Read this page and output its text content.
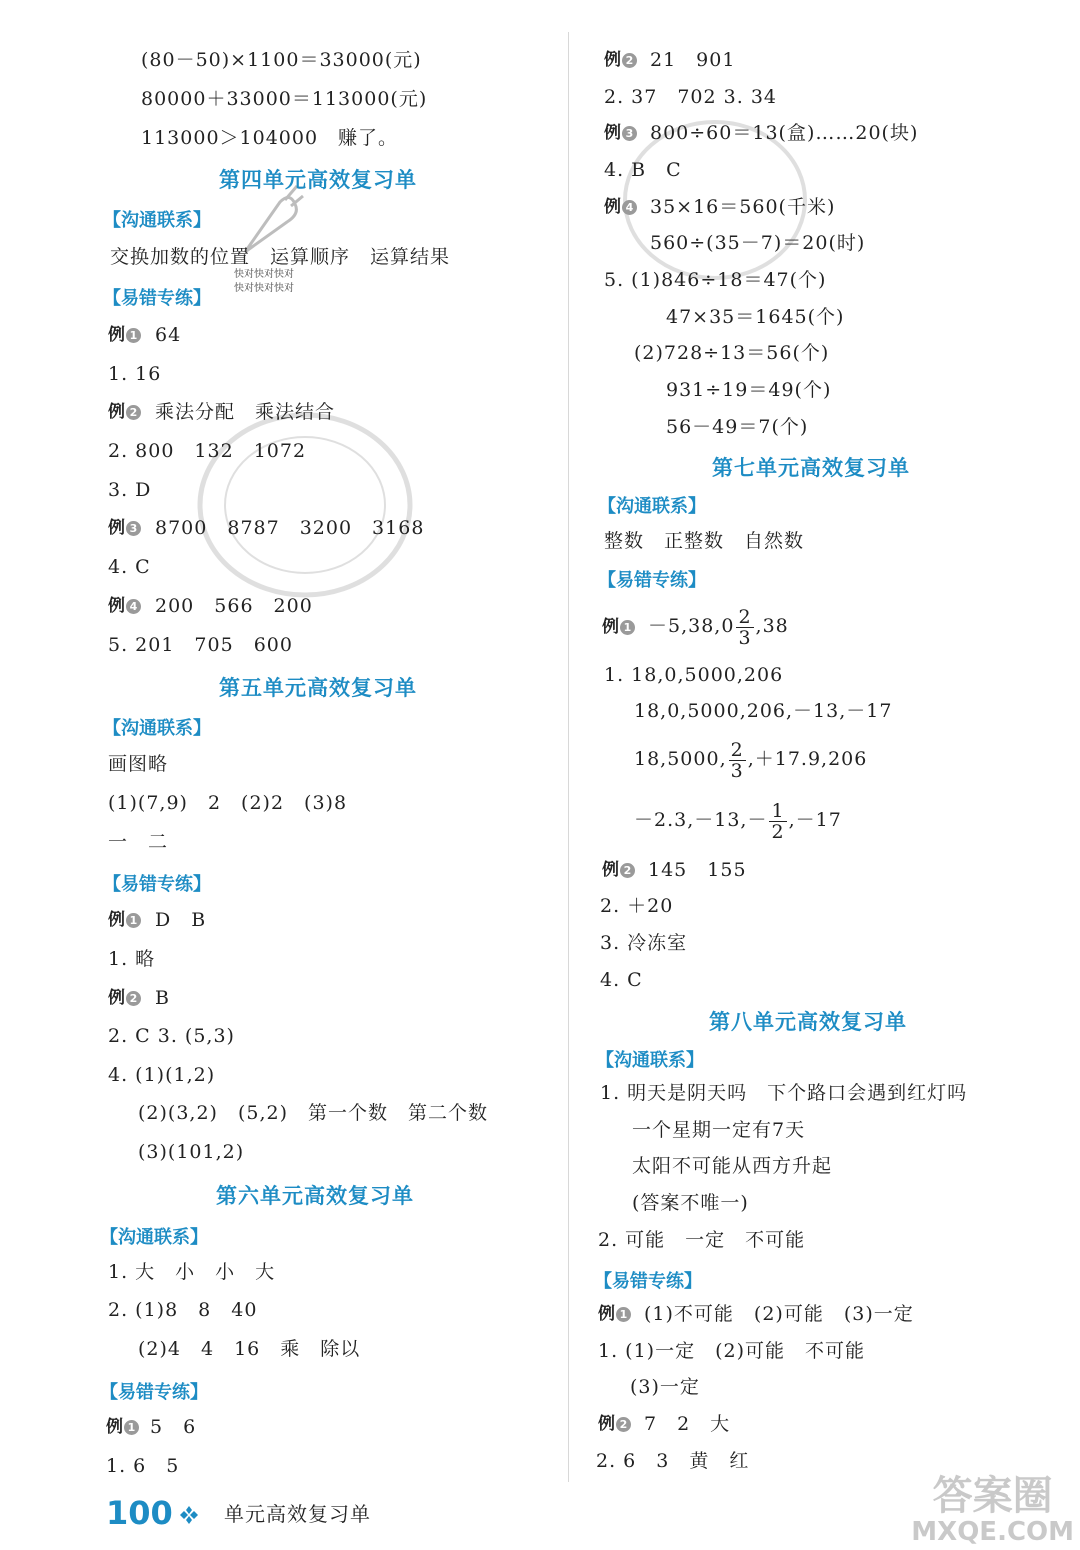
快对快对快对
快对快对快对
(80－50)×1100＝33000(元)
80000＋33000＝113000(元)
113000＞104000　赚了。
第四单元高效复习单
【沟通联系】
交换加数的位置　运算顺序　运算结果
【易错专练】
例 1 64
1. 16
例 2 乘法分配　乘法结合
2. 800　132　1072
3. D
例 3 8700　8787　3200　3168
4. C
例 4 200　566　200
5. 201　705　600
第五单元高效复习单
【沟通联系】
画图略
(1)(7,9)　2　(2)2　(3)8
一　二
【易错专练】
例 1 D　B
1. 略
例 2 B
2. C 3. (5,3)
4. (1)(1,2)
(2)(3,2)　(5,2)　第一个数　第二个数
(3)(101,2)
第六单元高效复习单
【沟通联系】
1. 大　小　小　大
2. (1)8　8　40
(2)4　4　16　乘　除以
【易错专练】
例 1 5　6
1. 6　5
例 2 21　901
2. 37　702 3. 34
例 3 800÷60＝13(盒)……20(块)
4. B　C
例 4 35×16＝560(千米)
560÷(35－7)＝20(时)
5. (1)846÷18＝47(个)
47×35＝1645(个)
(2)728÷13＝56(个)
931÷19＝49(个)
56－49＝7(个)
第七单元高效复习单
【沟通联系】
整数　正整数　自然数
【易错专练】
例 $1 -5,38,0 \frac{2}{3} ,38$
1. 18,0,5000,206
18,0,5000,206,－13,－17
18,5000, $\frac{2}{3} ,+17.9,206$
$-2.3,-13,- \frac{1}{2} ,-17$
例 2 145　155
2. ＋20
3. 冷冻室
4. C
第八单元高效复习单
【沟通联系】
1. 明天是阴天吗　下个路口会遇到红灯吗
一个星期一定有7天
太阳不可能从西方升起
(答案不唯一)
2. 可能　一定　不可能
【易错专练】
例 1 (1)不可能　(2)可能　(3)一定
1. (1)一定　(2)可能　不可能
(3)一定
例 2 7　2　大
2. 6　3　黄　红
100	单元高效复习单	答案圈
MXQE.COM
